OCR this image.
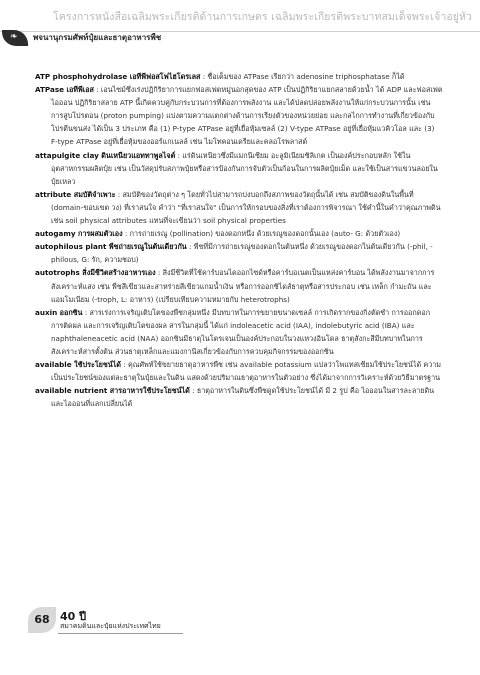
โครงการหนังสือเฉลิมพระเกียรติด้านการเกษตร เฉลิมพระเกียรติพระบาทสมเด็จพระเจ้าอยู่หัว
❧ พจนานุกรมศัพท์ปุ๋ยและธาตุอาหารพืช

ATP phosphohydrolase เอทีพีฟอสโฟไฮโดรเลส : ชื่อเต็มของ ATPase เรียกว่า adenosine triphosphatase ก็ได้

ATPase เอทีพีเอส : เอนไซม์ซึ่งเร่งปฏิกิริยาการแยกฟอสเฟตหมู่นอกสุดของ ATP เป็นปฏิกิริยาแยกสลายด้วยน้ำ ได้ ADP และฟอสเฟตไอออน ปฏิกิริยาสลาย ATP นี้เกิดควบคู่กับกระบวนการที่ต้องการพลังงาน และได้ปลดปล่อยพลังงานให้แก่กระบวนการนั้น เช่น การสูบโปรตอน (proton pumping) แบ่งตามความแตกต่างด้านการเรียงตัวของหน่วยย่อย และกลไกการทำงานที่เกี่ยวข้องกับโปรตีนขนส่ง ได้เป็น 3 ประเภท คือ (1) P-type ATPase อยู่ที่เยื่อหุ้มเซลล์ (2) V-type ATPase อยู่ที่เยื่อหุ้มแวคิวโอล และ (3) F-type ATPase อยู่ที่เยื่อหุ้มของออร์แกเนลล์ เช่น ไมโทคอนเดรียและคลอโรพลาสต์

attapulgite clay ดินเหนียวแอททาพูลไจต์ : แร่ดินเหนียวซึ่งมีแมกนีเซียม อะลูมิเนียมซิลิเกต เป็นองค์ประกอบหลัก ใช้ในอุตสาหกรรมผลิตปุ๋ย เช่น เป็นวัสดุปรับสภาพปุ๋ยหรือสารป้องกันการจับตัวเป็นก้อนในการผลิตปุ๋ยเม็ด และใช้เป็นสารแขวนลอยในปุ๋ยเหลว

attribute สมบัติจำเพาะ : สมบัติของวัตถุต่าง ๆ โดยทั่วไปสามารถบ่งบอกถึงสภาพของวัตถุนั้นได้ เช่น สมบัติของดินในพื้นที่ (domain-ขอบเขต วง) ที่เราสนใจ คำว่า "ที่เราสนใจ" เป็นการให้กรอบของสิ่งที่เราต้องการพิจารณา ใช้คำนี้ในคำว่าคุณภาพดิน เช่น soil physical attributes แทนที่จะเขียนว่า soil physical properties

autogamy การผสมตัวเอง : การถ่ายเรณู (pollination) ของดอกหนึ่ง ด้วยเรณูของดอกนั้นเอง (auto- G: ด้วยตัวเอง)

autophilous plant พืชถ่ายเรณูในต้นเดียวกัน : พืชที่มีการถ่ายเรณูของดอกในต้นหนึ่ง ด้วยเรณูของดอกในต้นเดียวกัน (-phil, -philous, G: รัก, ความชอบ)

autotrophs สิ่งมีชีวิตสร้างอาหารเอง : สิ่งมีชีวิตที่ใช้คาร์บอนไดออกไซด์หรือคาร์บอเนตเป็นแหล่งคาร์บอน ได้พลังงานมาจากการสังเคราะห์แสง เช่น พืชสีเขียวและสาหร่ายสีเขียวแกมน้ำเงิน หรือการออกซิไดส์ธาตุหรือสารประกอบ เช่น เหล็ก กำมะถัน และแอมโมเนียม (-troph, L: อาหาร) (เปรียบเทียบความหมายกับ heterotrophs)

auxin ออกซิน : สารเร่งการเจริญเติบโตของพืชกลุ่มหนึ่ง มีบทบาทในการขยายขนาดเซลล์ การเกิดรากของกิ่งตัดชำ การออกดอก การติดผล และการเจริญเติบโตของผล สารในกลุ่มนี้ ได้แก่ indoleacetic acid (IAA), indolebutyric acid (IBA) และ naphthaleneacetic acid (NAA) ออกซินมีธาตุไนโตรเจนเป็นองค์ประกอบในวงแหวงอินโดล ธาตุสังกะสีมีบทบาทในการสังเคราะห์สารตั้งต้น ส่วนธาตุเหล็กและแมงกานีสเกี่ยวข้องกับการควบคุมกิจกรรมของออกซิน

available ใช้ประโยชน์ได้ : คุณศัพท์ใช้ขยายธาตุอาหารพืช เช่น available potassium แปลว่าโพแทสเซียมใช้ประโยชน์ได้ ความเป็นประโยชน์ของแต่ละธาตุในปุ๋ยและในดิน แสดงด้วยปริมาณธาตุอาหารในตัวอย่าง ซึ่งได้มาจากการวิเคราะห์ด้วยวิธีมาตรฐาน

available nutrient สารอาหารใช้ประโยชน์ได้ : ธาตุอาหารในดินซึ่งพืชดูดใช้ประโยชน์ได้ มี 2 รูป คือ ไอออนในสารละลายดินและไอออนที่แลกเปลี่ยนได้

68 40 ปี
สมาคมดินและปุ๋ยแห่งประเทศไทย
